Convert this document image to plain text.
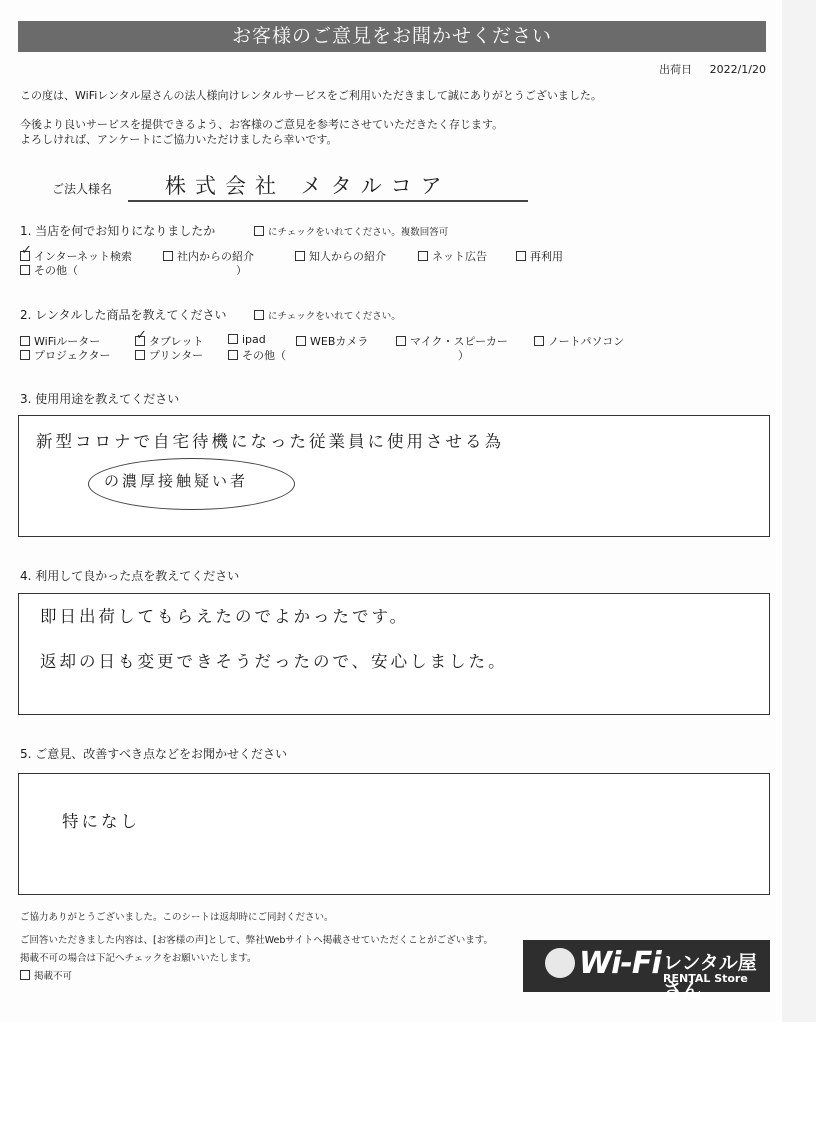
お客様のご意見をお聞かせください
出荷日 2022/1/20

この度は、WiFiレンタル屋さんの法人様向けレンタルサービスをご利用いただきまして誠にありがとうございました。

今後より良いサービスを提供できるよう、お客様のご意見を参考にさせていただきたく存じます。

よろしければ、アンケートにご協力いただけましたら幸いです。

ご法人様名	株式会社 メタルコア
1. 当店を何でお知りになりましたか	にチェックをいれてください。複数回答可
✓インターネット検索	社内からの紹介	知人からの紹介	ネット広告	再利用
その他（	）
2. レンタルした商品を教えてください	にチェックをいれてください。
WiFiルーター
✓	タブレット	ipad	WEBカメラ	マイク・スピーカー	ノートパソコン
プロジェクター	プリンター	その他（	）
3. 使用用途を教えてください
新型コロナで自宅待機になった従業員に使用させる為
の濃厚接触疑い者
4. 利用して良かった点を教えてください
即日出荷してもらえたのでよかったです。
返却の日も変更できそうだったので、安心しました。
5. ご意見、改善すべき点などをお聞かせください
特になし
ご協力ありがとうございました。このシートは返却時にご同封ください。
ご回答いただきました内容は、[お客様の声]として、弊社Webサイトへ掲載させていただくことがございます。
掲載不可の場合は下記へチェックをお願いいたします。
掲載不可	Wi-Fi レンタル屋さん
RENTAL Store
